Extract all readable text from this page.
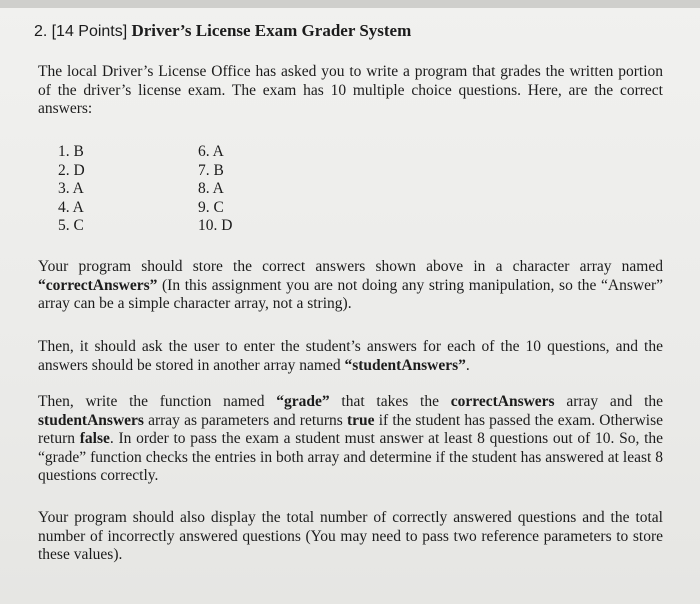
2. [14 Points] Driver’s License Exam Grader System
The local Driver’s License Office has asked you to write a program that grades the written portion of the driver’s license exam. The exam has 10 multiple choice questions. Here, are the correct answers:
1. B
2. D
3. A
4. A
5. C
6. A
7. B
8. A
9. C
10. D
Your program should store the correct answers shown above in a character array named “correctAnswers” (In this assignment you are not doing any string manipulation, so the “Answer” array can be a simple character array, not a string).
Then, it should ask the user to enter the student’s answers for each of the 10 questions, and the answers should be stored in another array named “studentAnswers”.
Then, write the function named “grade” that takes the correctAnswers array and the studentAnswers array as parameters and returns true if the student has passed the exam. Otherwise return false. In order to pass the exam a student must answer at least 8 questions out of 10. So, the “grade” function checks the entries in both array and determine if the student has answered at least 8 questions correctly.
Your program should also display the total number of correctly answered questions and the total number of incorrectly answered questions (You may need to pass two reference parameters to store these values).
